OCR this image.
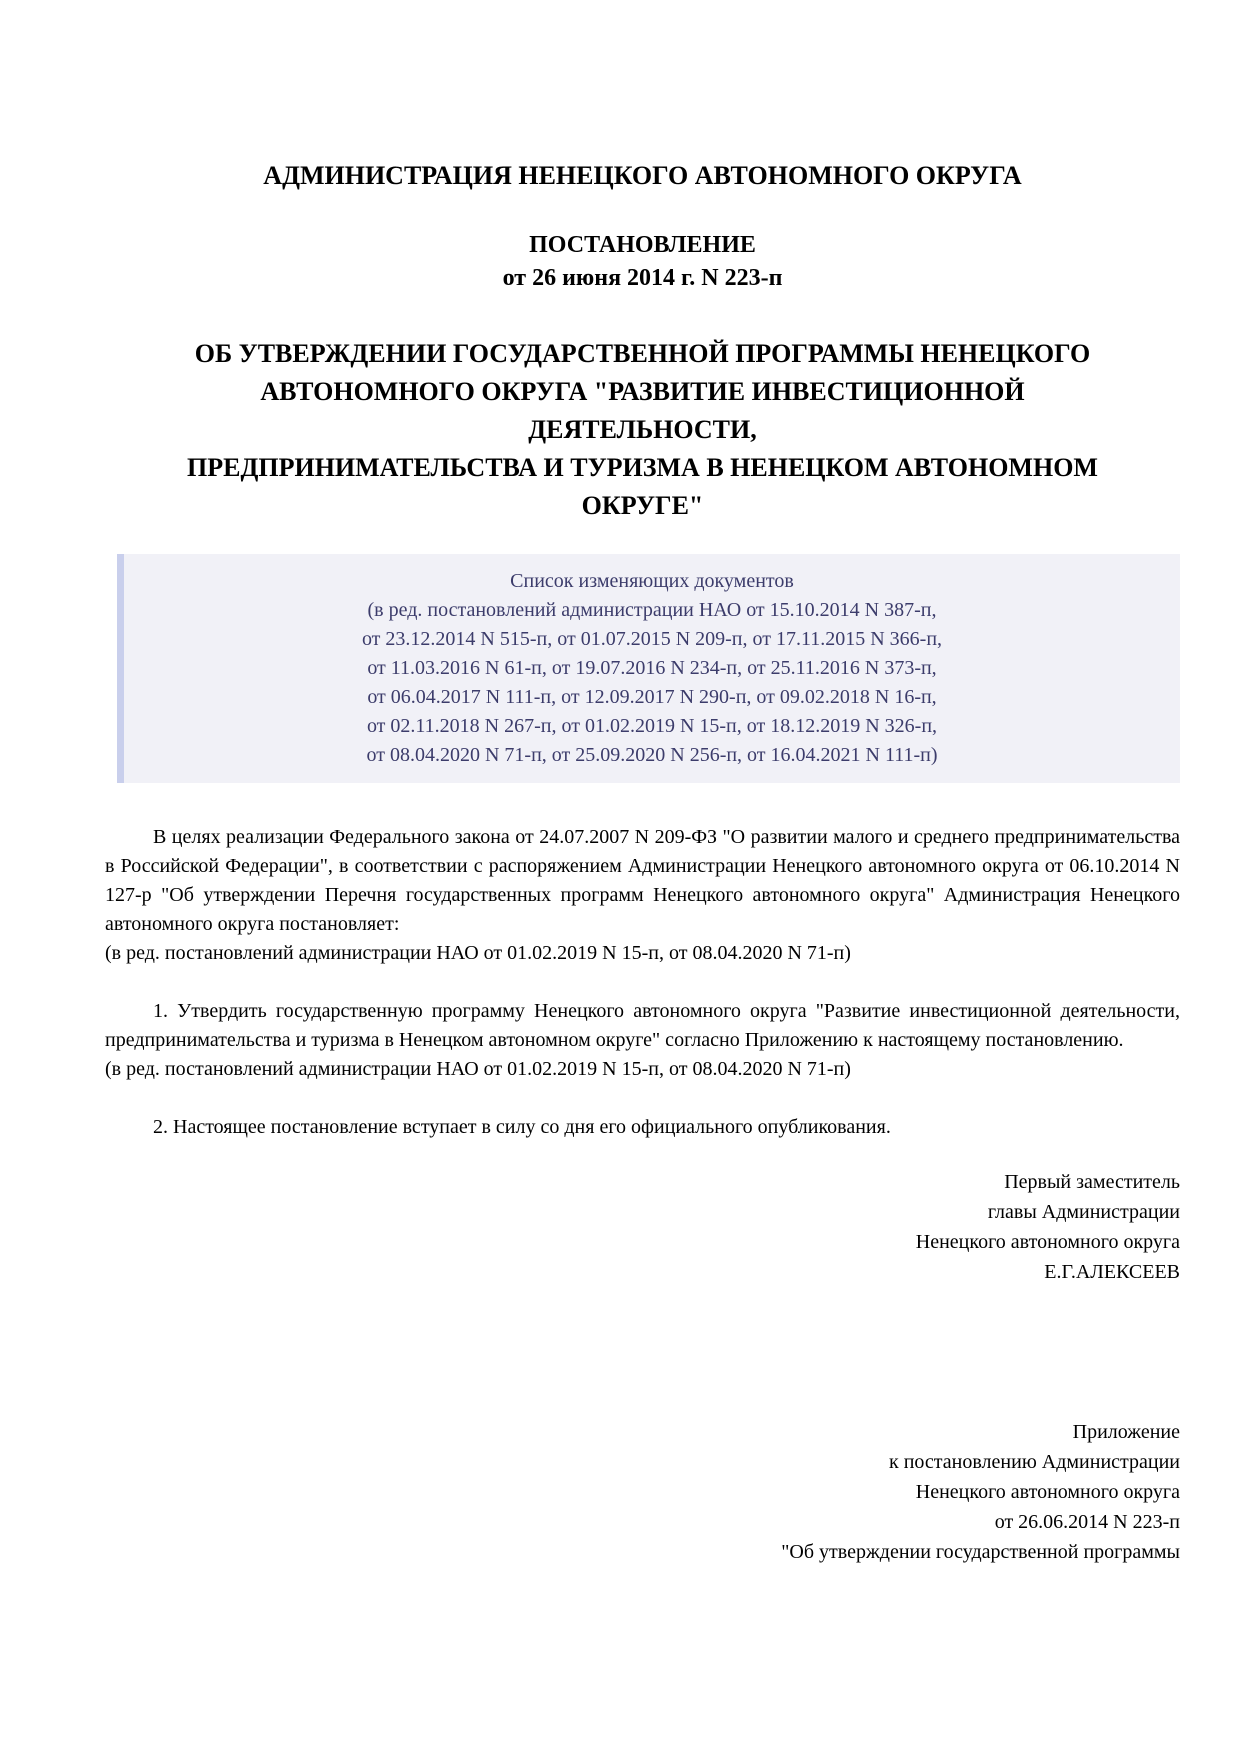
АДМИНИСТРАЦИЯ НЕНЕЦКОГО АВТОНОМНОГО ОКРУГА
ПОСТАНОВЛЕНИЕ
от 26 июня 2014 г. N 223-п
ОБ УТВЕРЖДЕНИИ ГОСУДАРСТВЕННОЙ ПРОГРАММЫ НЕНЕЦКОГО
АВТОНОМНОГО ОКРУГА "РАЗВИТИЕ ИНВЕСТИЦИОННОЙ
ДЕЯТЕЛЬНОСТИ,
ПРЕДПРИНИМАТЕЛЬСТВА И ТУРИЗМА В НЕНЕЦКОМ АВТОНОМНОМ
ОКРУГЕ"
Список изменяющих документов
(в ред. постановлений администрации НАО от 15.10.2014 N 387-п,
от 23.12.2014 N 515-п, от 01.07.2015 N 209-п, от 17.11.2015 N 366-п,
от 11.03.2016 N 61-п, от 19.07.2016 N 234-п, от 25.11.2016 N 373-п,
от 06.04.2017 N 111-п, от 12.09.2017 N 290-п, от 09.02.2018 N 16-п,
от 02.11.2018 N 267-п, от 01.02.2019 N 15-п, от 18.12.2019 N 326-п,
от 08.04.2020 N 71-п, от 25.09.2020 N 256-п, от 16.04.2021 N 111-п)
В целях реализации Федерального закона от 24.07.2007 N 209-ФЗ "О развитии малого и среднего предпринимательства в Российской Федерации", в соответствии с распоряжением Администрации Ненецкого автономного округа от 06.10.2014 N 127-р "Об утверждении Перечня государственных программ Ненецкого автономного округа" Администрация Ненецкого автономного округа постановляет:
(в ред. постановлений администрации НАО от 01.02.2019 N 15-п, от 08.04.2020 N 71-п)
1. Утвердить государственную программу Ненецкого автономного округа "Развитие инвестиционной деятельности, предпринимательства и туризма в Ненецком автономном округе" согласно Приложению к настоящему постановлению.
(в ред. постановлений администрации НАО от 01.02.2019 N 15-п, от 08.04.2020 N 71-п)
2. Настоящее постановление вступает в силу со дня его официального опубликования.
Первый заместитель
главы Администрации
Ненецкого автономного округа
Е.Г.АЛЕКСЕЕВ
Приложение
к постановлению Администрации
Ненецкого автономного округа
от 26.06.2014 N 223-п
"Об утверждении государственной программы
